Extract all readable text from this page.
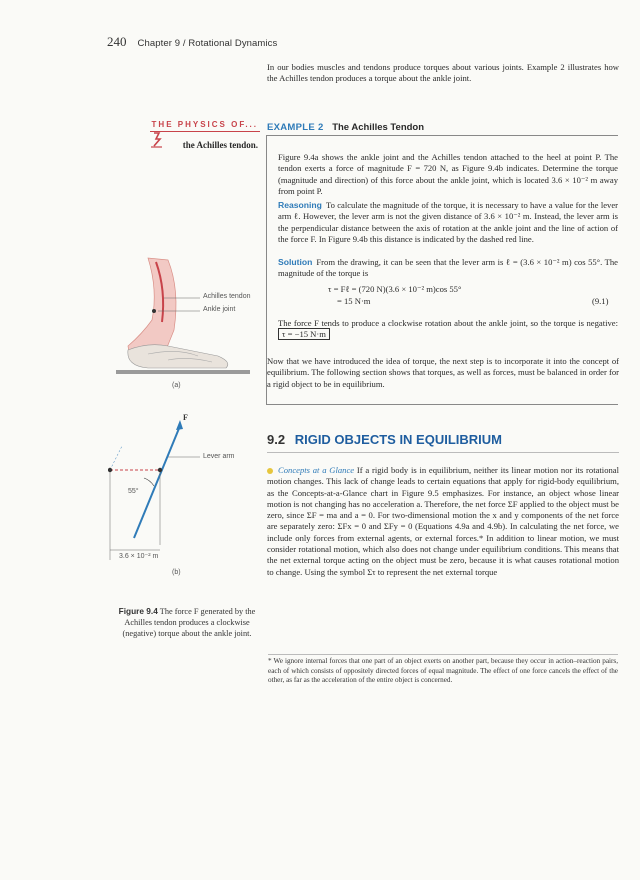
240 Chapter 9 / Rotational Dynamics

In our bodies muscles and tendons produce torques about various joints. Example 2 illustrates how the Achilles tendon produces a torque about the ankle joint.

THE PHYSICS OF...
the Achilles tendon.
EXAMPLE 2 The Achilles Tendon

Figure 9.4a shows the ankle joint and the Achilles tendon attached to the heel at point P. The tendon exerts a force of magnitude F = 720 N, as Figure 9.4b indicates. Determine the torque (magnitude and direction) of this force about the ankle joint, which is located 3.6 × 10⁻² m away from point P.

Reasoning To calculate the magnitude of the torque, it is necessary to have a value for the lever arm ℓ. However, the lever arm is not the given distance of 3.6 × 10⁻² m. Instead, the lever arm is the perpendicular distance between the axis of rotation at the ankle joint and the line of action of the force F. In Figure 9.4b this distance is indicated by the dashed red line.

Solution From the drawing, it can be seen that the lever arm is ℓ = (3.6 × 10⁻² m) cos 55°. The magnitude of the torque is

τ = Fℓ = (720 N)(3.6 × 10⁻² m)cos 55°
= 15 N·m	(9.1)

The force F tends to produce a clockwise rotation about the ankle joint, so the torque is negative: τ = −15 N·m

Now that we have introduced the idea of torque, the next step is to incorporate it into the concept of equilibrium. The following section shows that torques, as well as forces, must be balanced in order for a rigid object to be in equilibrium.

9.2 RIGID OBJECTS IN EQUILIBRIUM

Concepts at a Glance If a rigid body is in equilibrium, neither its linear motion nor its rotational motion changes. This lack of change leads to certain equations that apply for rigid-body equilibrium, as the Concepts-at-a-Glance chart in Figure 9.5 emphasizes. For instance, an object whose linear motion is not changing has no acceleration a. Therefore, the net force ΣF applied to the object must be zero, since ΣF = ma and a = 0. For two-dimensional motion the x and y components of the net force are separately zero: ΣFx = 0 and ΣFy = 0 (Equations 4.9a and 4.9b). In calculating the net force, we include only forces from external agents, or external forces.* In addition to linear motion, we must consider rotational motion, which also does not change under equilibrium conditions. This means that the net external torque acting on the object must be zero, because it is what causes rotational motion to change. Using the symbol Στ to represent the net external torque

Achilles tendon
Ankle joint
(a)
F
Lever arm
55°
3.6 × 10⁻² m
(b)
Figure 9.4 The force F generated by the Achilles tendon produces a clockwise (negative) torque about the ankle joint.
* We ignore internal forces that one part of an object exerts on another part, because they occur in action–reaction pairs, each of which consists of oppositely directed forces of equal magnitude. The effect of one force cancels the effect of the other, as far as the acceleration of the entire object is concerned.
